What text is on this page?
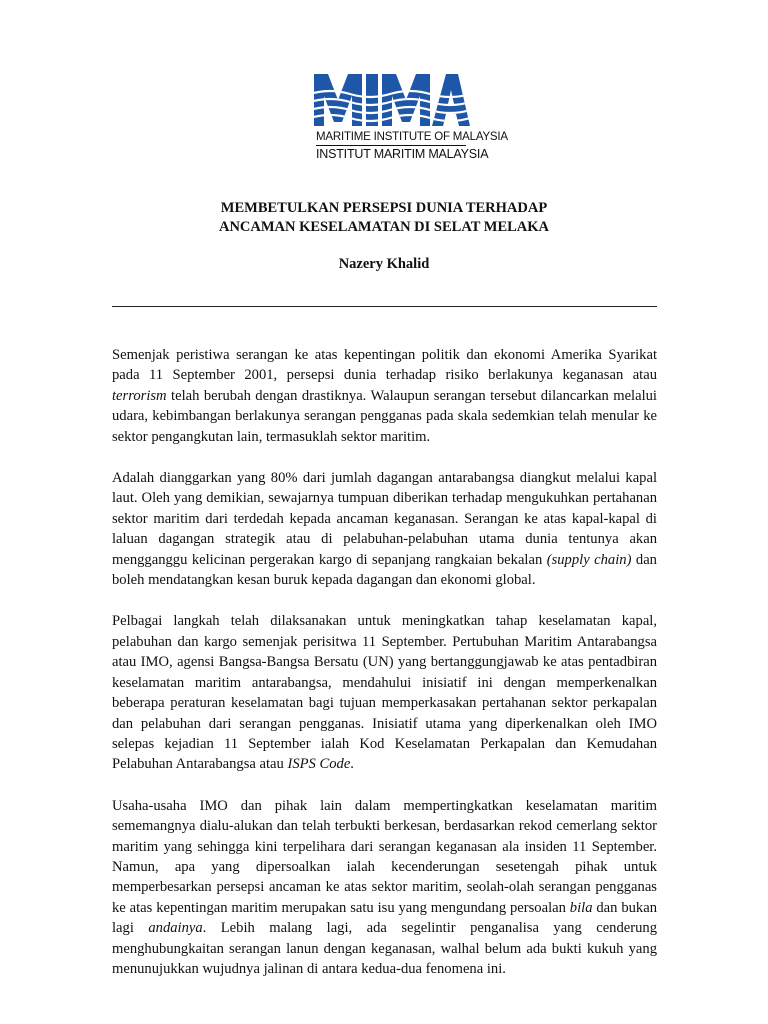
MARITIME INSTITUTE OF MALAYSIA
INSTITUT MARITIM MALAYSIA
MEMBETULKAN PERSEPSI DUNIA TERHADAP
ANCAMAN KESELAMATAN DI SELAT MELAKA
Nazery Khalid

Semenjak peristiwa serangan ke atas kepentingan politik dan ekonomi Amerika Syarikat pada 11 September 2001, persepsi dunia terhadap risiko berlakunya keganasan atau terrorism telah berubah dengan drastiknya. Walaupun serangan tersebut dilancarkan melalui udara, kebimbangan berlakunya serangan pengganas pada skala sedemkian telah menular ke sektor pengangkutan lain, termasuklah sektor maritim.

Adalah dianggarkan yang 80% dari jumlah dagangan antarabangsa diangkut melalui kapal laut. Oleh yang demikian, sewajarnya tumpuan diberikan terhadap mengukuhkan pertahanan sektor maritim dari terdedah kepada ancaman keganasan. Serangan ke atas kapal-kapal di laluan dagangan strategik atau di pelabuhan-pelabuhan utama dunia tentunya akan mengganggu kelicinan pergerakan kargo di sepanjang rangkaian bekalan (supply chain) dan boleh mendatangkan kesan buruk kepada dagangan dan ekonomi global.

Pelbagai langkah telah dilaksanakan untuk meningkatkan tahap keselamatan kapal, pelabuhan dan kargo semenjak perisitwa 11 September. Pertubuhan Maritim Antarabangsa atau IMO, agensi Bangsa-Bangsa Bersatu (UN) yang bertanggungjawab ke atas pentadbiran keselamatan maritim antarabangsa, mendahului inisiatif ini dengan memperkenalkan beberapa peraturan keselamatan bagi tujuan memperkasakan pertahanan sektor perkapalan dan pelabuhan dari serangan pengganas. Inisiatif utama yang diperkenalkan oleh IMO selepas kejadian 11 September ialah Kod Keselamatan Perkapalan dan Kemudahan Pelabuhan Antarabangsa atau ISPS Code.

Usaha-usaha IMO dan pihak lain dalam mempertingkatkan keselamatan maritim sememangnya dialu-alukan dan telah terbukti berkesan, berdasarkan rekod cemerlang sektor maritim yang sehingga kini terpelihara dari serangan keganasan ala insiden 11 September. Namun, apa yang dipersoalkan ialah kecenderungan sesetengah pihak untuk memperbesarkan persepsi ancaman ke atas sektor maritim, seolah-olah serangan pengganas ke atas kepentingan maritim merupakan satu isu yang mengundang persoalan bila dan bukan lagi andainya. Lebih malang lagi, ada segelintir penganalisa yang cenderung menghubungkaitan serangan lanun dengan keganasan, walhal belum ada bukti kukuh yang menunujukkan wujudnya jalinan di antara kedua-dua fenomena ini.
